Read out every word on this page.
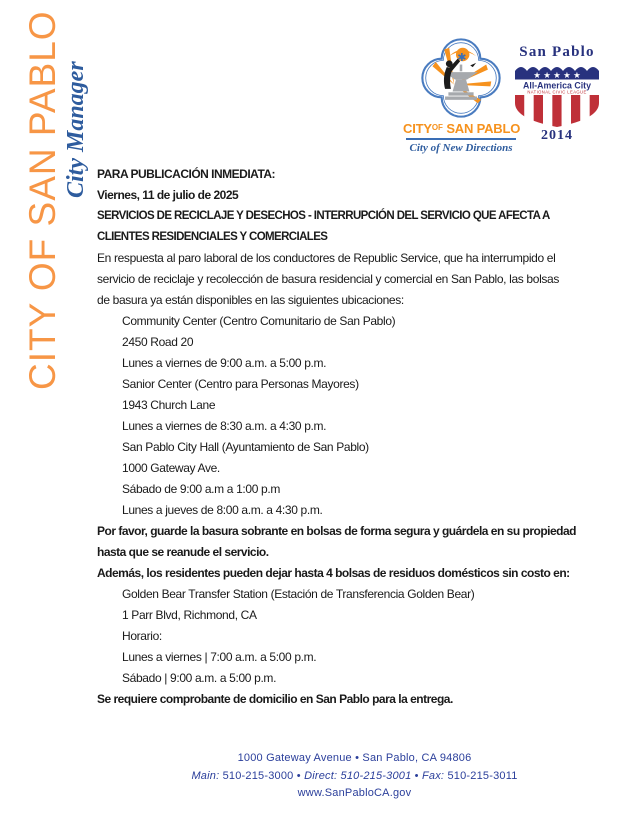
CITY OF SAN PABLO City Manager
✱
$CITY^{OF}$ SAN PABLO
City of New Directions
San Pablo
★ ★ ★ ★ ★
All-America City
NATIONAL CIVIC LEAGUE
2014
PARA PUBLICACIÓN INMEDIATA:
Viernes, 11 de julio de 2025
SERVICIOS DE RECICLAJE Y DESECHOS - INTERRUPCIÓN DEL SERVICIO QUE AFECTA A
CLIENTES RESIDENCIALES Y COMERCIALES
En respuesta al paro laboral de los conductores de Republic Service, que ha interrumpido el
servicio de reciclaje y recolección de basura residencial y comercial en San Pablo, las bolsas
de basura ya están disponibles en las siguientes ubicaciones:
Community Center (Centro Comunitario de San Pablo)
2450 Road 20
Lunes a viernes de 9:00 a.m. a 5:00 p.m.
Sanior Center (Centro para Personas Mayores)
1943 Church Lane
Lunes a viernes de 8:30 a.m. a 4:30 p.m.
San Pablo City Hall (Ayuntamiento de San Pablo)
1000 Gateway Ave.
Sábado de 9:00 a.m a 1:00 p.m
Lunes a jueves de 8:00 a.m. a 4:30 p.m.
Por favor, guarde la basura sobrante en bolsas de forma segura y guárdela en su propiedad
hasta que se reanude el servicio.
Además, los residentes pueden dejar hasta 4 bolsas de residuos domésticos sin costo en:
Golden Bear Transfer Station (Estación de Transferencia Golden Bear)
1 Parr Blvd, Richmond, CA
Horario:
Lunes a viernes | 7:00 a.m. a 5:00 p.m.
Sábado | 9:00 a.m. a 5:00 p.m.
Se requiere comprobante de domicilio en San Pablo para la entrega.
1000 Gateway Avenue • San Pablo, CA 94806
Main: 510-215-3000 • Direct: 510-215-3001 • Fax: 510-215-3011
www.SanPabloCA.gov
